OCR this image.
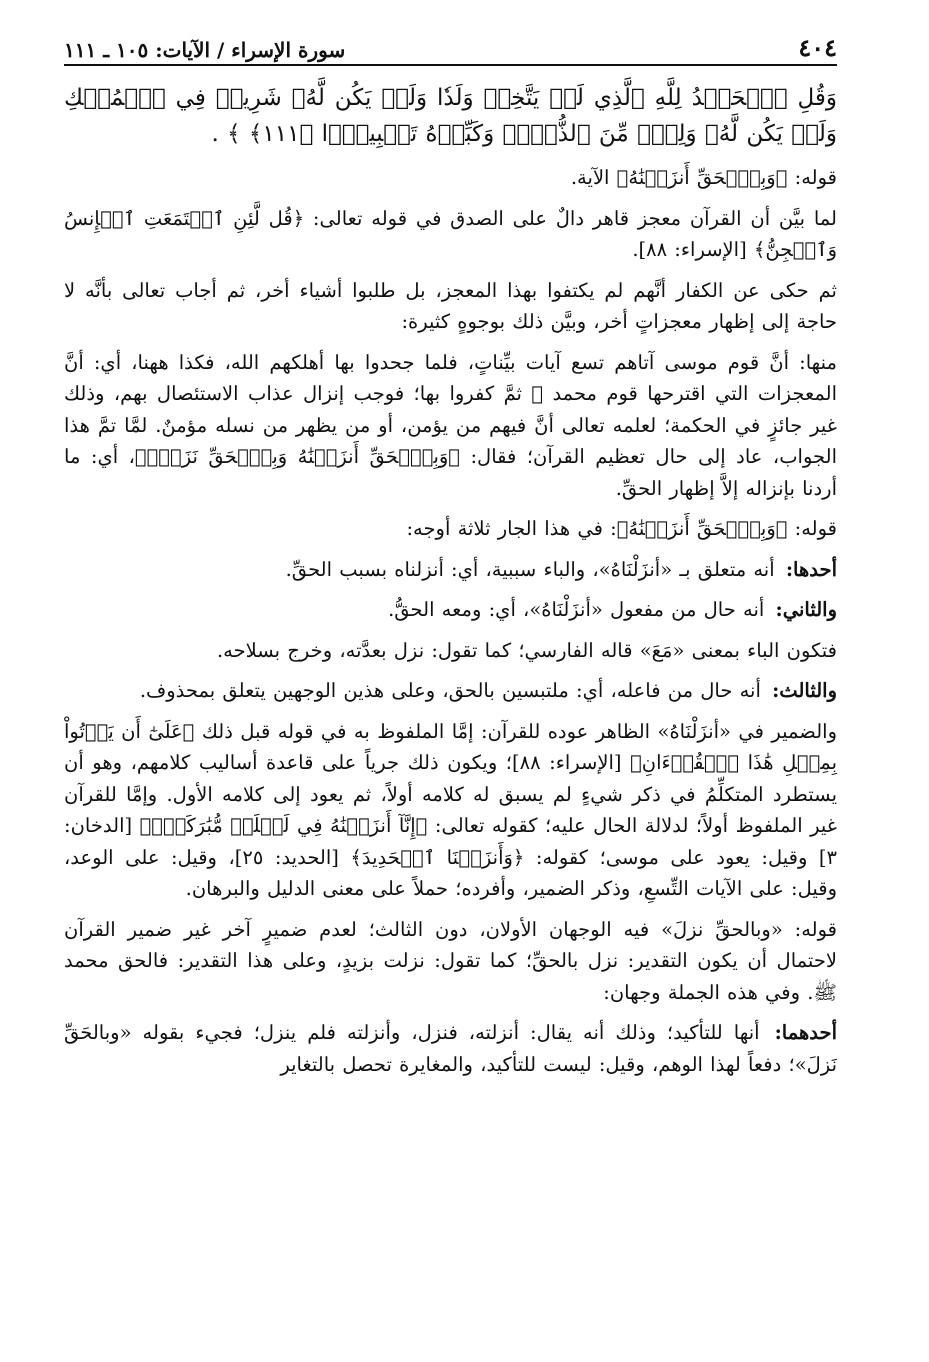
٤٠٤
سورة الإسراء / الآيات: ١٠٥ ـ ١١١

وَقُلِ ٱلۡحَمۡدُ لِلَّهِ ٱلَّذِي لَمۡ يَتَّخِذۡ وَلَدٗا وَلَمۡ يَكُن لَّهُۥ شَرِيكٞ فِي ٱلۡمُلۡكِ وَلَمۡ يَكُن لَّهُۥ وَلِيّٞ مِّنَ ٱلذُّلِّۖ وَكَبِّرۡهُ تَكۡبِيرَۢا ﴿١١١﴾ ﴾ .

قوله: ﴿وَبِٱلۡحَقِّ أَنزَلۡنَٰهُ﴾ الآية.

لما بيَّن أن القرآن معجز قاهر دالٌ على الصدق في قوله تعالى: ﴿قُل لَّئِنِ ٱجۡتَمَعَتِ ٱلۡإِنسُ وَٱلۡجِنُّ﴾ [الإسراء: ٨٨].

ثم حكى عن الكفار أنَّهم لم يكتفوا بهذا المعجز، بل طلبوا أشياء أخر، ثم أجاب تعالى بأنَّه لا حاجة إلى إظهار معجزاتٍ أخر، وبيَّن ذلك بوجوهٍ كثيرة:

منها: أنَّ قوم موسى آتاهم تسع آيات بيِّناتٍ، فلما جحدوا بها أهلكهم الله، فكذا ههنا، أي: أنَّ المعجزات التي اقترحها قوم محمد ﷺ ثمَّ كفروا بها؛ فوجب إنزال عذاب الاستئصال بهم، وذلك غير جائزٍ في الحكمة؛ لعلمه تعالى أنَّ فيهم من يؤمن، أو من يظهر من نسله مؤمنٌ. لمَّا تمَّ هذا الجواب، عاد إلى حال تعظيم القرآن؛ فقال: ﴿وَبِٱلۡحَقِّ أَنزَلۡنَٰهُ وَبِٱلۡحَقِّ نَزَلَۗ﴾، أي: ما أردنا بإنزاله إلاَّ إظهار الحقِّ.

قوله: ﴿وَبِٱلۡحَقِّ أَنزَلۡنَٰهُ﴾: في هذا الجار ثلاثة أوجه:

أحدها: أنه متعلق بـ «أنزَلْنَاهُ»، والباء سببية، أي: أنزلناه بسبب الحقِّ.

والثاني: أنه حال من مفعول «أنزَلْنَاهُ»، أي: ومعه الحقُّ.

فتكون الباء بمعنى «مَعَ» قاله الفارسي؛ كما تقول: نزل بعدَّته، وخرج بسلاحه.

والثالث: أنه حال من فاعله، أي: ملتبسين بالحق، وعلى هذين الوجهين يتعلق بمحذوف.

والضمير في «أنزَلْنَاهُ» الظاهر عوده للقرآن: إمَّا الملفوظ به في قوله قبل ذلك ﴿عَلَىٰٓ أَن يَأۡتُواْ بِمِثۡلِ هَٰذَا ٱلۡقُرۡءَانِ﴾ [الإسراء: ٨٨]؛ ويكون ذلك جرياً على قاعدة أساليب كلامهم، وهو أن يستطرد المتكلِّمُ في ذكر شيءٍ لم يسبق له كلامه أولاً، ثم يعود إلى كلامه الأول. وإمَّا للقرآن غير الملفوظ أولاً؛ لدلالة الحال عليه؛ كقوله تعالى: ﴿إِنَّآ أَنزَلۡنَٰهُ فِي لَيۡلَةٖ مُّبَٰرَكَةٍۚ﴾ [الدخان: ٣] وقيل: يعود على موسى؛ كقوله: ﴿وَأَنزَلۡنَا ٱلۡحَدِيدَ﴾ [الحديد: ٢٥]، وقيل: على الوعد، وقيل: على الآيات التِّسعِ، وذكر الضمير، وأفرده؛ حملاً على معنى الدليل والبرهان.

قوله: «وبالحقِّ نزلَ» فيه الوجهان الأولان، دون الثالث؛ لعدم ضميرٍ آخر غير ضمير القرآن لاحتمال أن يكون التقدير: نزل بالحقِّ؛ كما تقول: نزلت بزيدٍ، وعلى هذا التقدير: فالحق محمد ﷺ. وفي هذه الجملة وجهان:

أحدهما: أنها للتأكيد؛ وذلك أنه يقال: أنزلته، فنزل، وأنزلته فلم ينزل؛ فجيء بقوله «وبالحَقِّ نَزلَ»؛ دفعاً لهذا الوهم، وقيل: ليست للتأكيد، والمغايرة تحصل بالتغاير
